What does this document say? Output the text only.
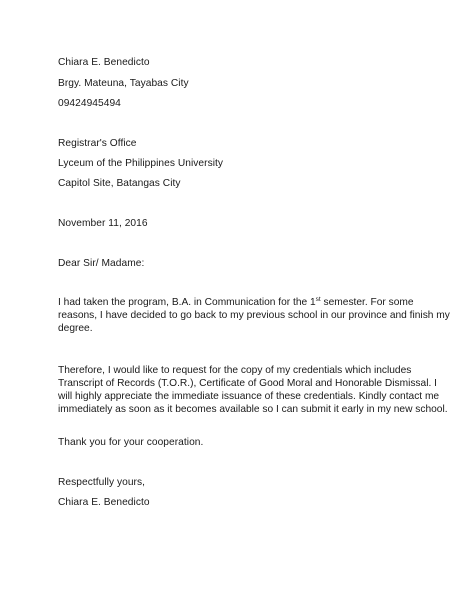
Chiara E. Benedicto
Brgy. Mateuna, Tayabas City
09424945494
Registrar's Office
Lyceum of the Philippines University
Capitol Site, Batangas City
November 11, 2016
Dear Sir/ Madame:
I had taken the program, B.A. in Communication for the 1st semester. For some
reasons, I have decided to go back to my previous school in our province and finish my
degree.
Therefore, I would like to request for the copy of my credentials which includes
Transcript of Records (T.O.R.), Certificate of Good Moral and Honorable Dismissal. I
will highly appreciate the immediate issuance of these credentials. Kindly contact me
immediately as soon as it becomes available so I can submit it early in my new school.
Thank you for your cooperation.
Respectfully yours,
Chiara E. Benedicto
